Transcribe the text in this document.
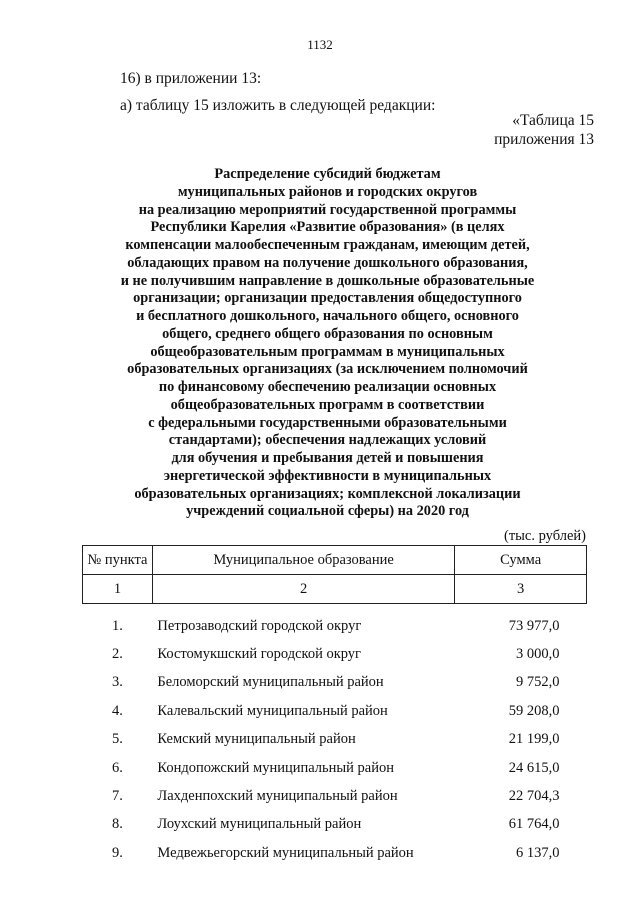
1132
16) в приложении 13:
а) таблицу 15 изложить в следующей редакции:
«Таблица 15
приложения 13
Распределение субсидий бюджетам
муниципальных районов и городских округов
на реализацию мероприятий государственной программы
Республики Карелия «Развитие образования» (в целях
компенсации малообеспеченным гражданам, имеющим детей,
обладающих правом на получение дошкольного образования,
и не получившим направление в дошкольные образовательные
организации; организации предоставления общедоступного
и бесплатного дошкольного, начального общего, основного
общего, среднего общего образования по основным
общеобразовательным программам в муниципальных
образовательных организациях (за исключением полномочий
по финансовому обеспечению реализации основных
общеобразовательных программ в соответствии
с федеральными государственными образовательными
стандартами); обеспечения надлежащих условий
для обучения и пребывания детей и повышения
энергетической эффективности в муниципальных
образовательных организациях; комплексной локализации
учреждений социальной сферы) на 2020 год
(тыс. рублей)
№ пункта	Муниципальное образование	Сумма
1	2	3

1.	Петрозаводский городской округ	73 977,0
2.	Костомукшский городской округ	3 000,0
3.	Беломорский муниципальный район	9 752,0
4.	Калевальский муниципальный район	59 208,0
5.	Кемский муниципальный район	21 199,0
6.	Кондопожский муниципальный район	24 615,0
7.	Лахденпохский муниципальный район	22 704,3
8.	Лоухский муниципальный район	61 764,0
9.	Медвежьегорский муниципальный район	6 137,0
